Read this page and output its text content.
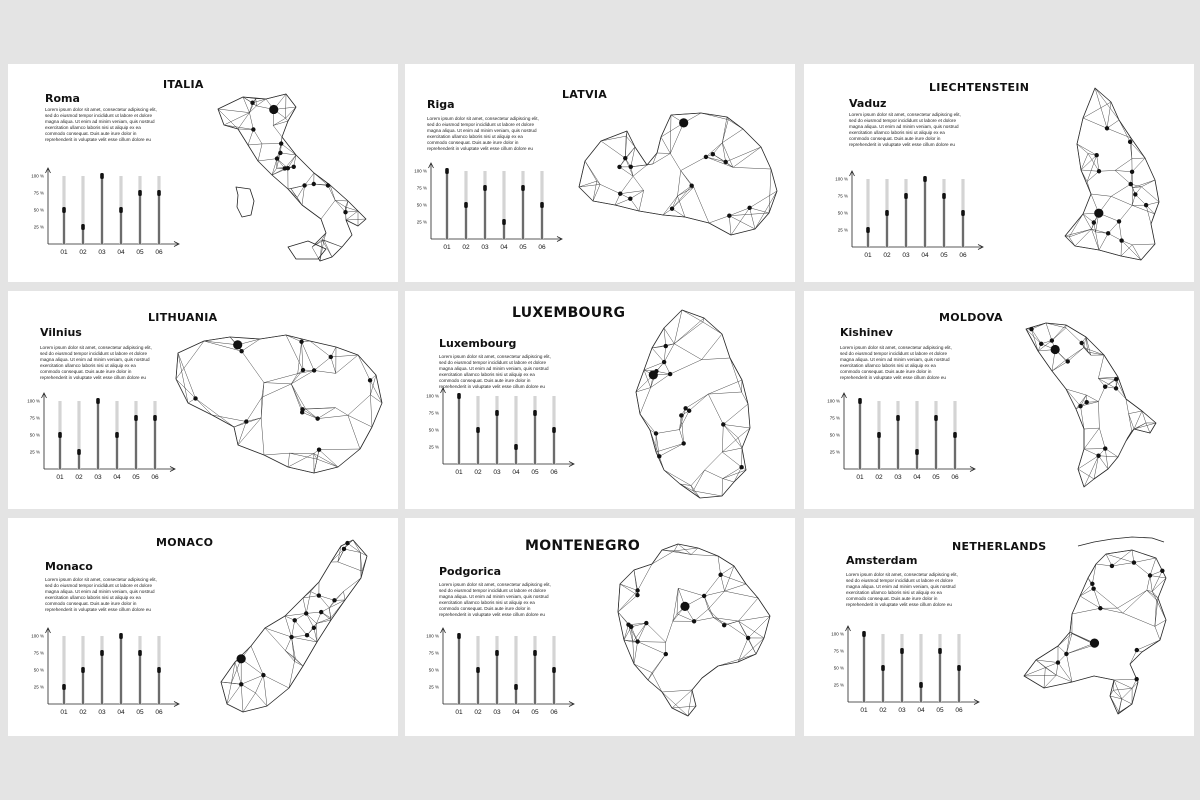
ITALIA
Roma

Lorem ipsum dolor sit amet, consectetur adipiscing elit, sed do eiusmod tempor incididunt ut labore et dolore magna aliqua. Ut enim ad minim veniam, quis nostrud exercitation ullamco laboris nisi ut aliquip ex ea commodo consequat. Duis aute irure dolor in reprehenderit in voluptate velit esse cillum dolore eu

100 %
75 %
50 %
25 %
01 02 03 04 05 06
LATVIA
Riga

Lorem ipsum dolor sit amet, consectetur adipiscing elit, sed do eiusmod tempor incididunt ut labore et dolore magna aliqua. Ut enim ad minim veniam, quis nostrud exercitation ullamco laboris nisi ut aliquip ex ea commodo consequat. Duis aute irure dolor in reprehenderit in voluptate velit esse cillum dolore eu

100 %
75 %
50 %
25 %
01 02 03 04 05 06
LIECHTENSTEIN
Vaduz

Lorem ipsum dolor sit amet, consectetur adipiscing elit, sed do eiusmod tempor incididunt ut labore et dolore magna aliqua. Ut enim ad minim veniam, quis nostrud exercitation ullamco laboris nisi ut aliquip ex ea commodo consequat. Duis aute irure dolor in reprehenderit in voluptate velit esse cillum dolore eu

100 %
75 %
50 %
25 %
01 02 03 04 05 06
LITHUANIA
Vilnius

Lorem ipsum dolor sit amet, consectetur adipiscing elit, sed do eiusmod tempor incididunt ut labore et dolore magna aliqua. Ut enim ad minim veniam, quis nostrud exercitation ullamco laboris nisi ut aliquip ex ea commodo consequat. Duis aute irure dolor in reprehenderit in voluptate velit esse cillum dolore eu

100 %
75 %
50 %
25 %
01 02 03 04 05 06
LUXEMBOURG
Luxembourg

Lorem ipsum dolor sit amet, consectetur adipiscing elit, sed do eiusmod tempor incididunt ut labore et dolore magna aliqua. Ut enim ad minim veniam, quis nostrud exercitation ullamco laboris nisi ut aliquip ex ea commodo consequat. Duis aute irure dolor in reprehenderit in voluptate velit esse cillum dolore eu

100 %
75 %
50 %
25 %
01 02 03 04 05 06
MOLDOVA
Kishinev

Lorem ipsum dolor sit amet, consectetur adipiscing elit, sed do eiusmod tempor incididunt ut labore et dolore magna aliqua. Ut enim ad minim veniam, quis nostrud exercitation ullamco laboris nisi ut aliquip ex ea commodo consequat. Duis aute irure dolor in reprehenderit in voluptate velit esse cillum dolore eu

100 %
75 %
50 %
25 %
01 02 03 04 05 06
MONACO
Monaco

Lorem ipsum dolor sit amet, consectetur adipiscing elit, sed do eiusmod tempor incididunt ut labore et dolore magna aliqua. Ut enim ad minim veniam, quis nostrud exercitation ullamco laboris nisi ut aliquip ex ea commodo consequat. Duis aute irure dolor in reprehenderit in voluptate velit esse cillum dolore eu

100 %
75 %
50 %
25 %
01 02 03 04 05 06
MONTENEGRO
Podgorica

Lorem ipsum dolor sit amet, consectetur adipiscing elit, sed do eiusmod tempor incididunt ut labore et dolore magna aliqua. Ut enim ad minim veniam, quis nostrud exercitation ullamco laboris nisi ut aliquip ex ea commodo consequat. Duis aute irure dolor in reprehenderit in voluptate velit esse cillum dolore eu

100 %
75 %
50 %
25 %
01 02 03 04 05 06
NETHERLANDS
Amsterdam

Lorem ipsum dolor sit amet, consectetur adipiscing elit, sed do eiusmod tempor incididunt ut labore et dolore magna aliqua. Ut enim ad minim veniam, quis nostrud exercitation ullamco laboris nisi ut aliquip ex ea commodo consequat. Duis aute irure dolor in reprehenderit in voluptate velit esse cillum dolore eu

100 %
75 %
50 %
25 %
01 02 03 04 05 06
